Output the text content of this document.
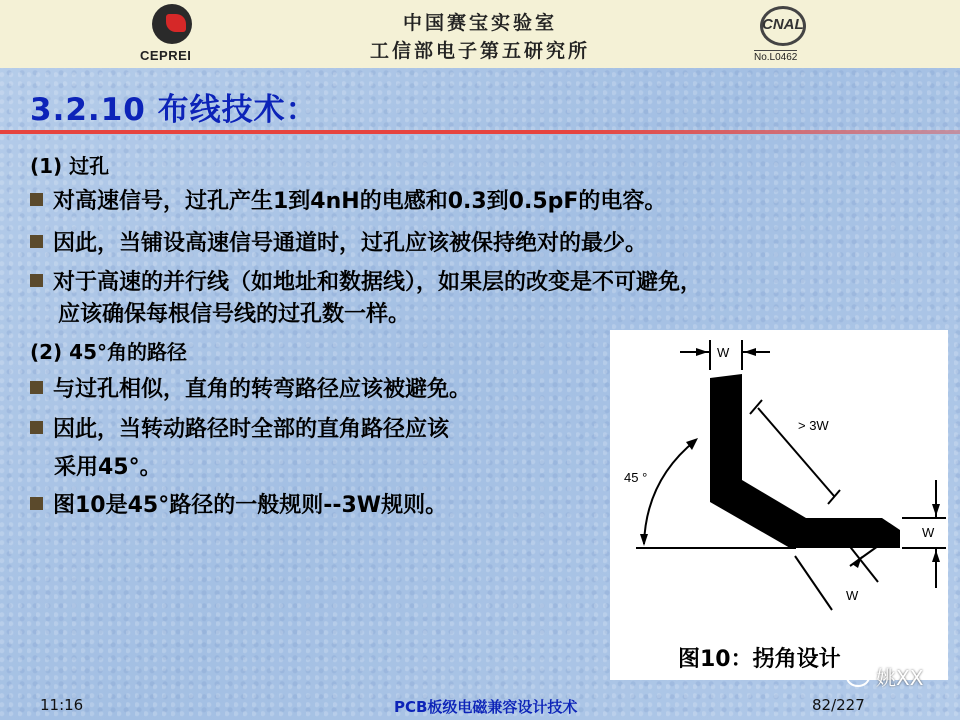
CEPREI
中国赛宝实验室
工信部电子第五研究所
CNAL
No.L0462
3.2.10 布线技术：
(1) 过孔
对高速信号，过孔产生1到4nH的电感和0.3到0.5pF的电容。
因此，当铺设高速信号通道时，过孔应该被保持绝对的最少。
对于高速的并行线（如地址和数据线），如果层的改变是不可避免，
应该确保每根信号线的过孔数一样。
(2) 45°角的路径
与过孔相似，直角的转弯路径应该被避免。
因此，当转动路径时全部的直角路径应该
采用45°。
图10是45°路径的一般规则--3W规则。
W
> 3W
45 °
W
W
图10：拐角设计
11:16	PCB板级电磁兼容设计技术	82/227
姚XX
